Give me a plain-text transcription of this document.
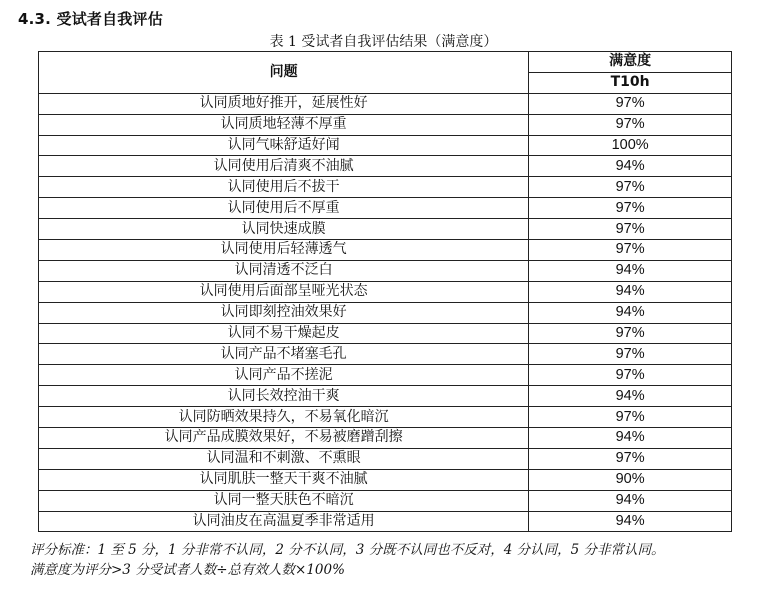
4.3. 受试者自我评估
表 1 受试者自我评估结果（满意度）
问题	满意度
	T10h
认同质地好推开，延展性好	97%
认同质地轻薄不厚重	97%
认同气味舒适好闻	100%
认同使用后清爽不油腻	94%
认同使用后不拔干	97%
认同使用后不厚重	97%
认同快速成膜	97%
认同使用后轻薄透气	97%
认同清透不泛白	94%
认同使用后面部呈哑光状态	94%
认同即刻控油效果好	94%
认同不易干燥起皮	97%
认同产品不堵塞毛孔	97%
认同产品不搓泥	97%
认同长效控油干爽	94%
认同防晒效果持久，不易氧化暗沉	97%
认同产品成膜效果好，不易被磨蹭刮擦	94%
认同温和不刺激、不熏眼	97%
认同肌肤一整天干爽不油腻	90%
认同一整天肤色不暗沉	94%
认同油皮在高温夏季非常适用	94%
评分标准：1 至 5 分，1 分非常不认同，2 分不认同，3 分既不认同也不反对，4 分认同，5 分非常认同。
满意度为评分>3 分受试者人数÷总有效人数×100%
